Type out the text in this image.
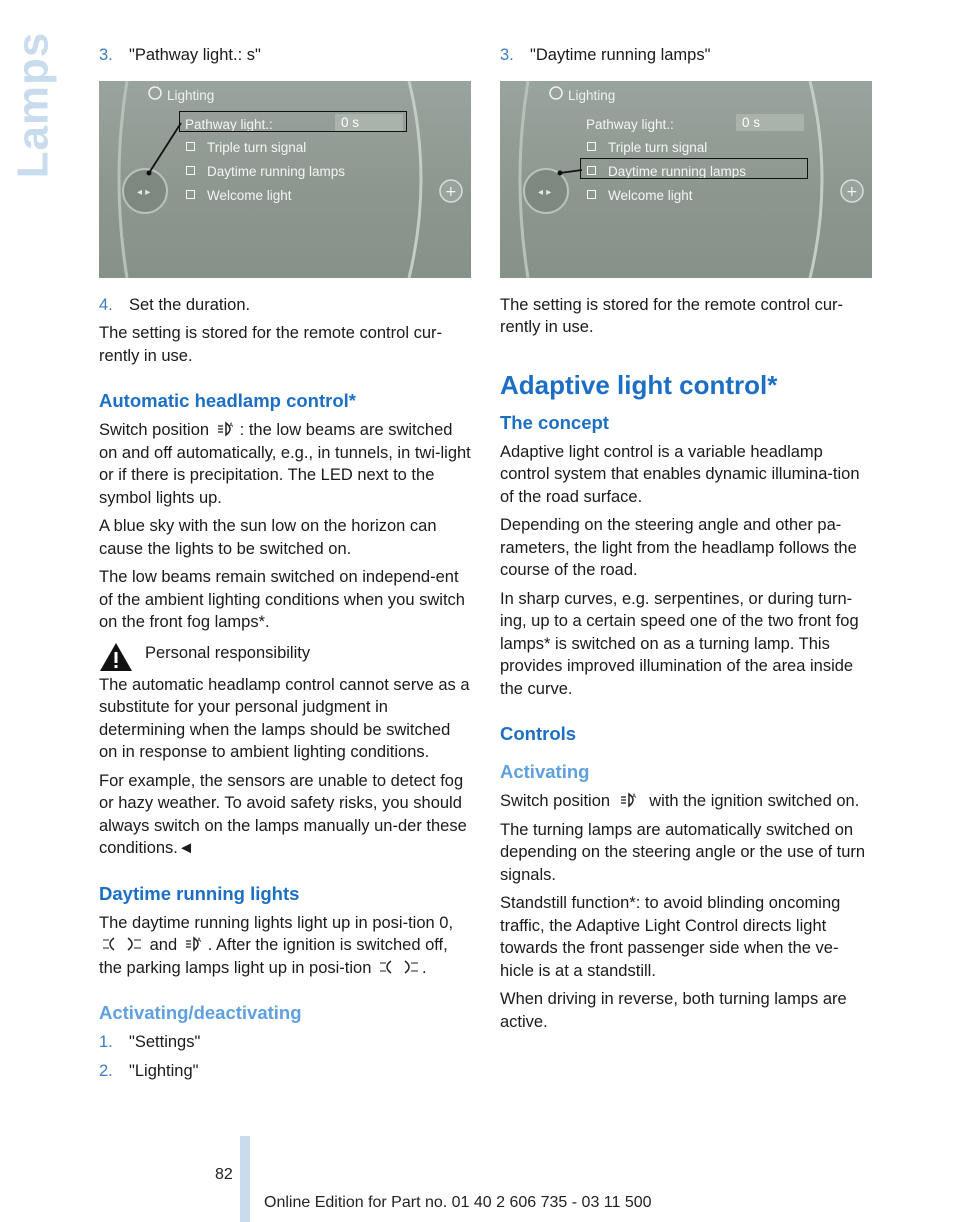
Lamps	3. "Pathway light.: s"
◂ ▸	+
Lighting
Pathway light.:	0 s
Triple turn signal
Daytime running lamps
Welcome light
4. Set the duration.

The setting is stored for the remote control cur-rently in use.

Automatic headlamp control*

Switch position	A : the low beams are switched on and off automatically, e.g., in tunnels, in twi-light or if there is precipitation. The LED next to the symbol lights up.

A blue sky with the sun low on the horizon can cause the lights to be switched on.

The low beams remain switched on independ-ent of the ambient lighting conditions when you switch on the front fog lamps*.

Personal responsibility

The automatic headlamp control cannot serve as a substitute for your personal judgment in determining when the lamps should be switched on in response to ambient lighting conditions.

For example, the sensors are unable to detect fog or hazy weather. To avoid safety risks, you should always switch on the lamps manually un-der these conditions.◄

Daytime running lights

The daytime running lights light up in posi-tion 0,  and	A . After the ignition is switched off, the parking lamps light up in posi-tion	.

Activating/deactivating
1. "Settings"
2. "Lighting"
3. "Daytime running lamps"
◂ ▸	+
Lighting
Pathway light.:	0 s
Triple turn signal
Daytime running lamps
Welcome light

The setting is stored for the remote control cur-rently in use.

Adaptive light control*
The concept

Adaptive light control is a variable headlamp control system that enables dynamic illumina-tion of the road surface.

Depending on the steering angle and other pa-rameters, the light from the headlamp follows the course of the road.

In sharp curves, e.g. serpentines, or during turn-ing, up to a certain speed one of the two front fog lamps* is switched on as a turning lamp. This provides improved illumination of the area inside the curve.

Controls
Activating

Switch position	A with the ignition switched on.

The turning lamps are automatically switched on depending on the steering angle or the use of turn signals.

Standstill function*: to avoid blinding oncoming traffic, the Adaptive Light Control directs light towards the front passenger side when the ve-hicle is at a standstill.

When driving in reverse, both turning lamps are active.

82
Online Edition for Part no. 01 40 2 606 735 - 03 11 500
